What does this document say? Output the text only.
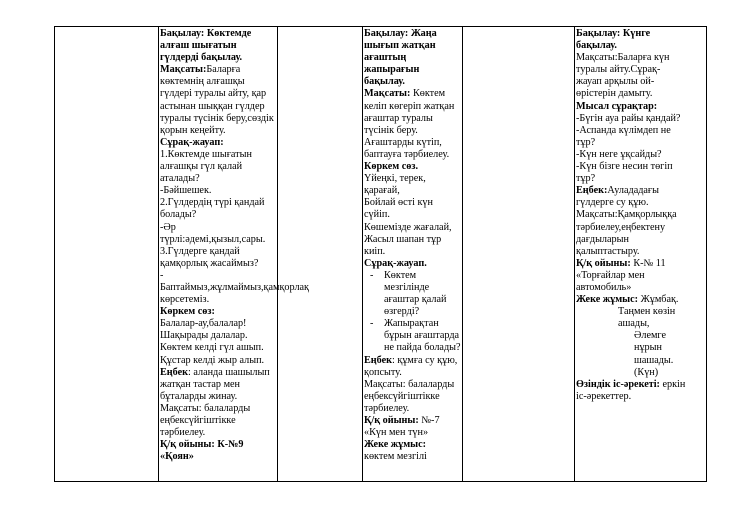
Бақылау: Көктемде алғаш шығатын гүлдерді бақылау.

Мақсаты:Баларға көктемнің алғашқы гүлдері туралы айту, қар астынан шыққан гүлдер туралы түсінік беру,сөздік қорын кеңейту.

Сұрақ-жауап:

1.Көктемде шығатын алғашқы гүл қалай аталады?

-Бәйшешек.

2.Гүлдердің түрі қандай болады?

-Әр түрлі:әдемі,қызыл,сары.

3.Гүлдерге қандай қамқорлық жасаймыз?

-

Баптаймыз,жұлмаймыз,қамқорлақ көрсетеміз.

Көркем сөз:

Балалар-ау,балалар!

Шақырады далалар.

Көктем келді гүл ашып.

Құстар келді жыр алып.

Еңбек: аланда шашылып жатқан тастар мен бұталарды жинау.

Мақсаты: балаларды еңбексүйгіштікке тәрбиелеу.

Қ/қ ойыны: К-№9 «Қоян»

Бақылау: Жаңа шығып жатқан ағаштың жапырағын бақылау.

Мақсаты: Көктем келіп көгеріп жатқан ағаштар туралы түсінік беру. Ағаштарды күтіп, баптауға тәрбиелеу.

Көркем сөз.

Үйеңкі, терек, қарағай,

Бойлай өсті күн сүйіп.

Көшемізде жағалай,

Жасыл шапан тұр киіп.

Сұрақ-жауап.

- Көктем мезгілінде ағаштар қалай өзгерді?

- Жапырақтан бұрын ағаштарда не пайда болады?

Еңбек: құмға су құю, қопсыту.

Мақсаты: балаларды еңбексүйгіштікке тәрбиелеу.

Қ/қ ойыны: №-7

«Күн мен түн»

Жеке жұмыс:

көктем мезгілі

Бақылау: Күнге бақылау.

Мақсаты:Баларға күн туралы айту.Сұрақ-жауап арқылы ой-өрістерін дамыту.

Мысал сұрақтар:

-Бүгін ауа райы қандай?

-Аспанда күлімдеп не тұр?

-Күн неге ұқсайды?

-Күн бізге несин төгіп тұр?

Еңбек:Аулададағы гүлдерге су құю.

Мақсаты:Қамқорлыққа тәрбиелеу,еңбектену дағдыларын қалыптастыру.

Қ/қ ойыны: К-№ 11 «Торғайлар мен автомобиль»

Жеке жұмыс: Жұмбақ.

Таңмен көзін ашады,

Әлемге нұрын шашады. (Күн)

Өзіндік іс-әрекеті: еркін іс-әрекеттер.
